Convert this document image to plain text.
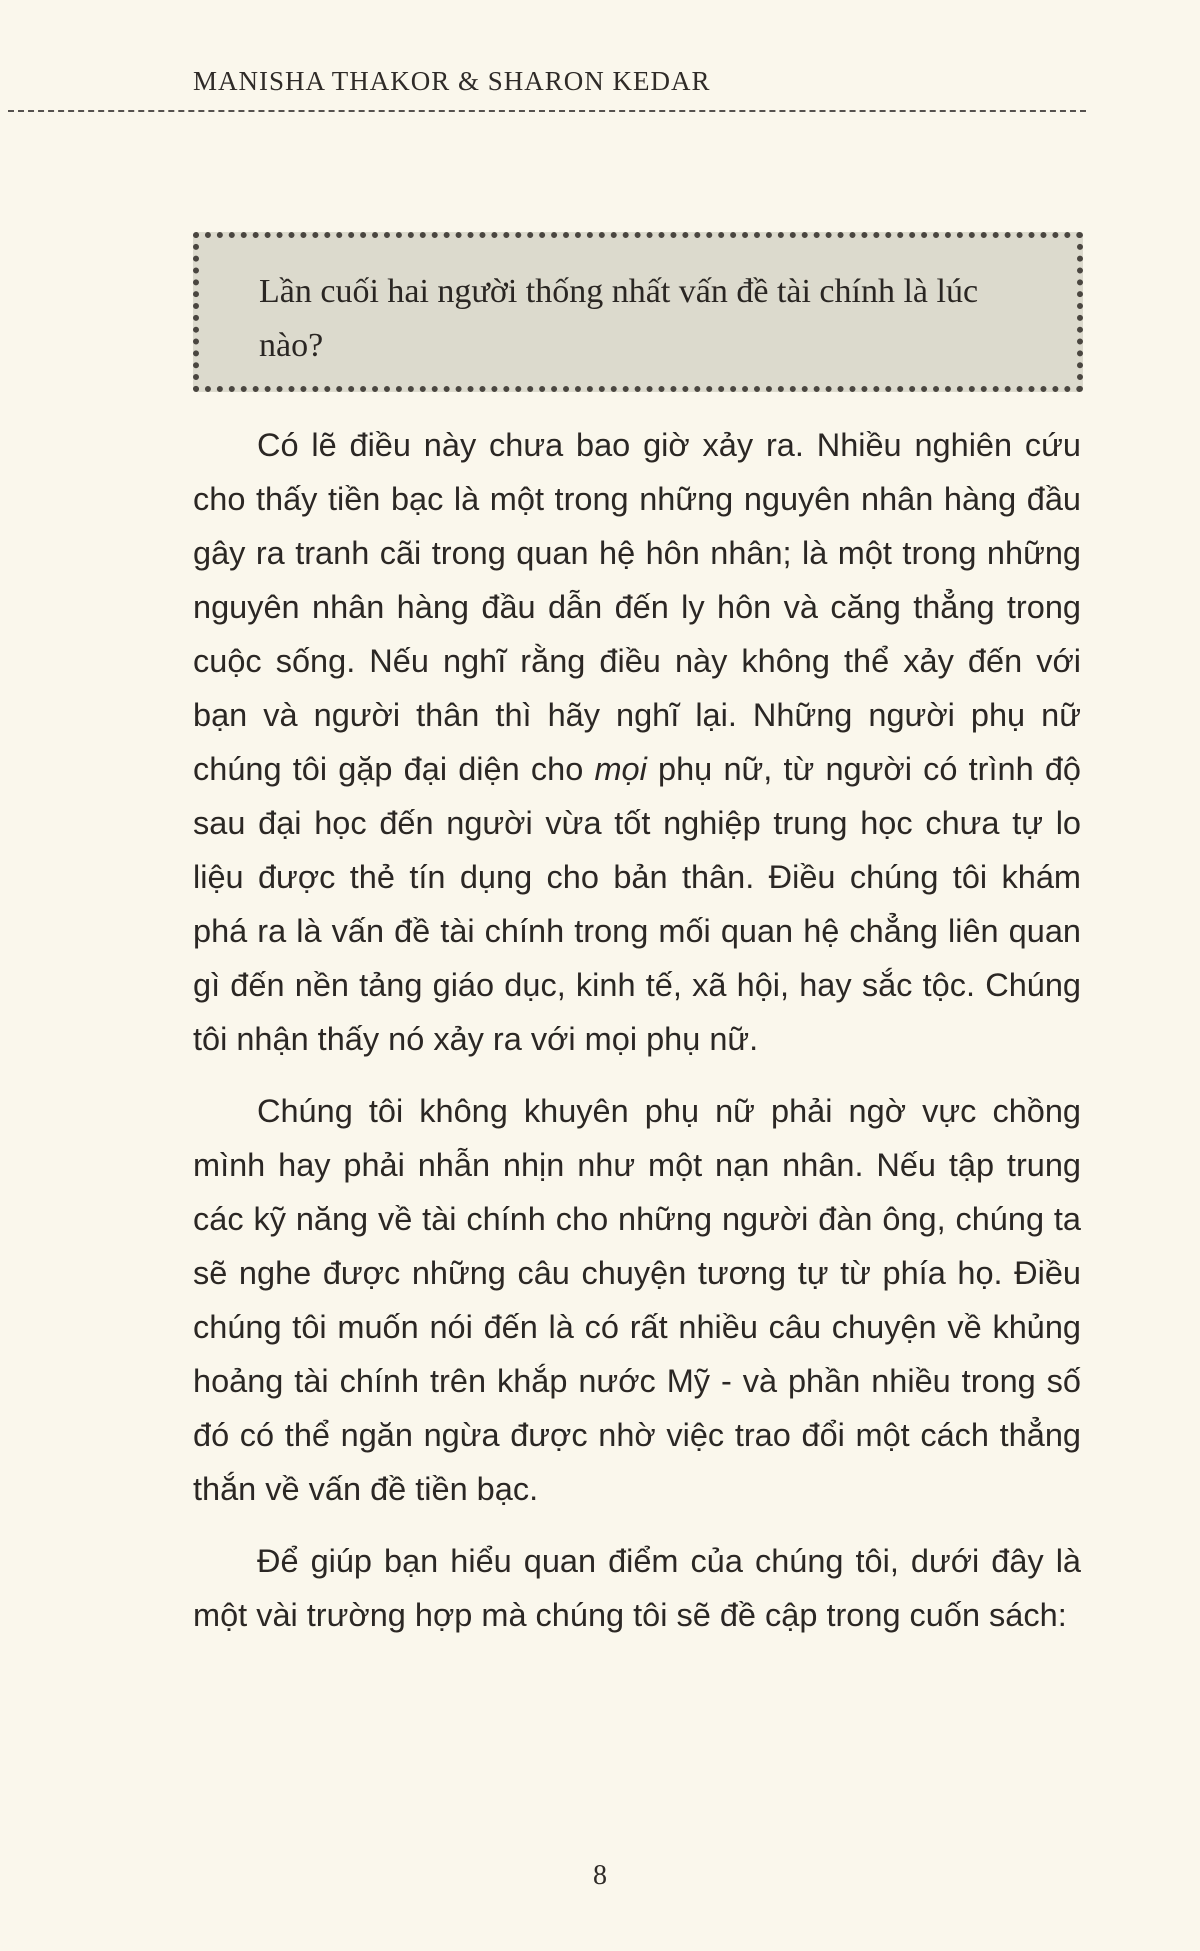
MANISHA THAKOR & SHARON KEDAR
Lần cuối hai người thống nhất vấn đề tài chính là lúc nào?

Có lẽ điều này chưa bao giờ xảy ra. Nhiều nghiên cứu cho thấy tiền bạc là một trong những nguyên nhân hàng đầu gây ra tranh cãi trong quan hệ hôn nhân; là một trong những nguyên nhân hàng đầu dẫn đến ly hôn và căng thẳng trong cuộc sống. Nếu nghĩ rằng điều này không thể xảy đến với bạn và người thân thì hãy nghĩ lại. Những người phụ nữ chúng tôi gặp đại diện cho mọi phụ nữ, từ người có trình độ sau đại học đến người vừa tốt nghiệp trung học chưa tự lo liệu được thẻ tín dụng cho bản thân. Điều chúng tôi khám phá ra là vấn đề tài chính trong mối quan hệ chẳng liên quan gì đến nền tảng giáo dục, kinh tế, xã hội, hay sắc tộc. Chúng tôi nhận thấy nó xảy ra với mọi phụ nữ.

Chúng tôi không khuyên phụ nữ phải ngờ vực chồng mình hay phải nhẫn nhịn như một nạn nhân. Nếu tập trung các kỹ năng về tài chính cho những người đàn ông, chúng ta sẽ nghe được những câu chuyện tương tự từ phía họ. Điều chúng tôi muốn nói đến là có rất nhiều câu chuyện về khủng hoảng tài chính trên khắp nước Mỹ - và phần nhiều trong số đó có thể ngăn ngừa được nhờ việc trao đổi một cách thẳng thắn về vấn đề tiền bạc.

Để giúp bạn hiểu quan điểm của chúng tôi, dưới đây là một vài trường hợp mà chúng tôi sẽ đề cập trong cuốn sách:

8
